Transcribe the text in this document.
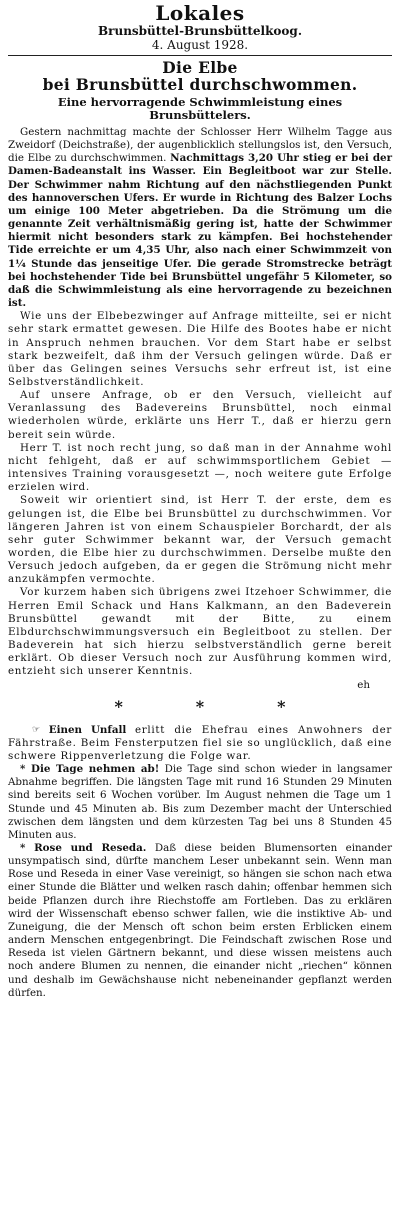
Lokales
Brunsbüttel-Brunsbüttelkoog.
4. August 1928.
Die Elbe
bei Brunsbüttel durchschwommen.
Eine hervorragende Schwimmleistung eines Brunsbüttelers.

Gestern nachmittag machte der Schlosser Herr Wilhelm Tagge aus Zweidorf (Deichstraße), der augenblicklich stellungslos ist, den Versuch, die Elbe zu durchschwimmen. Nachmittags 3,20 Uhr stieg er bei der Damen-Badeanstalt ins Wasser. Ein Begleitboot war zur Stelle. Der Schwimmer nahm Richtung auf den nächstliegenden Punkt des hannoverschen Ufers. Er wurde in Richtung des Balzer Lochs um einige 100 Meter abgetrieben. Da die Strömung um die genannte Zeit verhältnismäßig gering ist, hatte der Schwimmer hiermit nicht besonders stark zu kämpfen. Bei hochstehender Tide erreichte er um 4,35 Uhr, also nach einer Schwimmzeit von 1¼ Stunde das jenseitige Ufer. Die gerade Stromstrecke beträgt bei hochstehender Tide bei Brunsbüttel ungefähr 5 Kilometer, so daß die Schwimmleistung als eine hervorragende zu bezeichnen ist.

Wie uns der Elbebezwinger auf Anfrage mitteilte, sei er nicht sehr stark ermattet gewesen. Die Hilfe des Bootes habe er nicht in Anspruch nehmen brauchen. Vor dem Start habe er selbst stark bezweifelt, daß ihm der Versuch gelingen würde. Daß er über das Gelingen seines Versuchs sehr erfreut ist, ist eine Selbstverständlichkeit.

Auf unsere Anfrage, ob er den Versuch, vielleicht auf Veranlassung des Badevereins Brunsbüttel, noch einmal wiederholen würde, erklärte uns Herr T., daß er hierzu gern bereit sein würde.

Herr T. ist noch recht jung, so daß man in der Annahme wohl nicht fehlgeht, daß er auf schwimmsportlichem Gebiet — intensives Training vorausgesetzt —, noch weitere gute Erfolge erzielen wird.

Soweit wir orientiert sind, ist Herr T. der erste, dem es gelungen ist, die Elbe bei Brunsbüttel zu durchschwimmen. Vor längeren Jahren ist von einem Schauspieler Borchardt, der als sehr guter Schwimmer bekannt war, der Versuch gemacht worden, die Elbe hier zu durchschwimmen. Derselbe mußte den Versuch jedoch aufgeben, da er gegen die Strömung nicht mehr anzukämpfen vermochte.

Vor kurzem haben sich übrigens zwei Itzehoer Schwimmer, die Herren Emil Schack und Hans Kalkmann, an den Badeverein Brunsbüttel gewandt mit der Bitte, zu einem Elbdurchschwimmungsversuch ein Begleitboot zu stellen. Der Badeverein hat sich hierzu selbstverständlich gerne bereit erklärt. Ob dieser Versuch noch zur Ausführung kommen wird, entzieht sich unserer Kenntnis.

eh
*	*	*

☞ Einen Unfall erlitt die Ehefrau eines Anwohners der Fährstraße. Beim Fensterputzen fiel sie so unglücklich, daß eine schwere Rippenverletzung die Folge war.

* Die Tage nehmen ab! Die Tage sind schon wieder in langsamer Abnahme begriffen. Die längsten Tage mit rund 16 Stunden 29 Minuten sind bereits seit 6 Wochen vorüber. Im August nehmen die Tage um 1 Stunde und 45 Minuten ab. Bis zum Dezember macht der Unterschied zwischen dem längsten und dem kürzesten Tag bei uns 8 Stunden 45 Minuten aus.

* Rose und Reseda. Daß diese beiden Blumensorten einander unsympatisch sind, dürfte manchem Leser unbekannt sein. Wenn man Rose und Reseda in einer Vase vereinigt, so hängen sie schon nach etwa einer Stunde die Blätter und welken rasch dahin; offenbar hemmen sich beide Pflanzen durch ihre Riechstoffe am Fortleben. Das zu erklären wird der Wissenschaft ebenso schwer fallen, wie die instiktive Ab- und Zuneigung, die der Mensch oft schon beim ersten Erblicken einem andern Menschen entgegenbringt. Die Feindschaft zwischen Rose und Reseda ist vielen Gärtnern bekannt, und diese wissen meistens auch noch andere Blumen zu nennen, die einander nicht „riechen“ können und deshalb im Gewächshause nicht nebeneinander gepflanzt werden dürfen.
